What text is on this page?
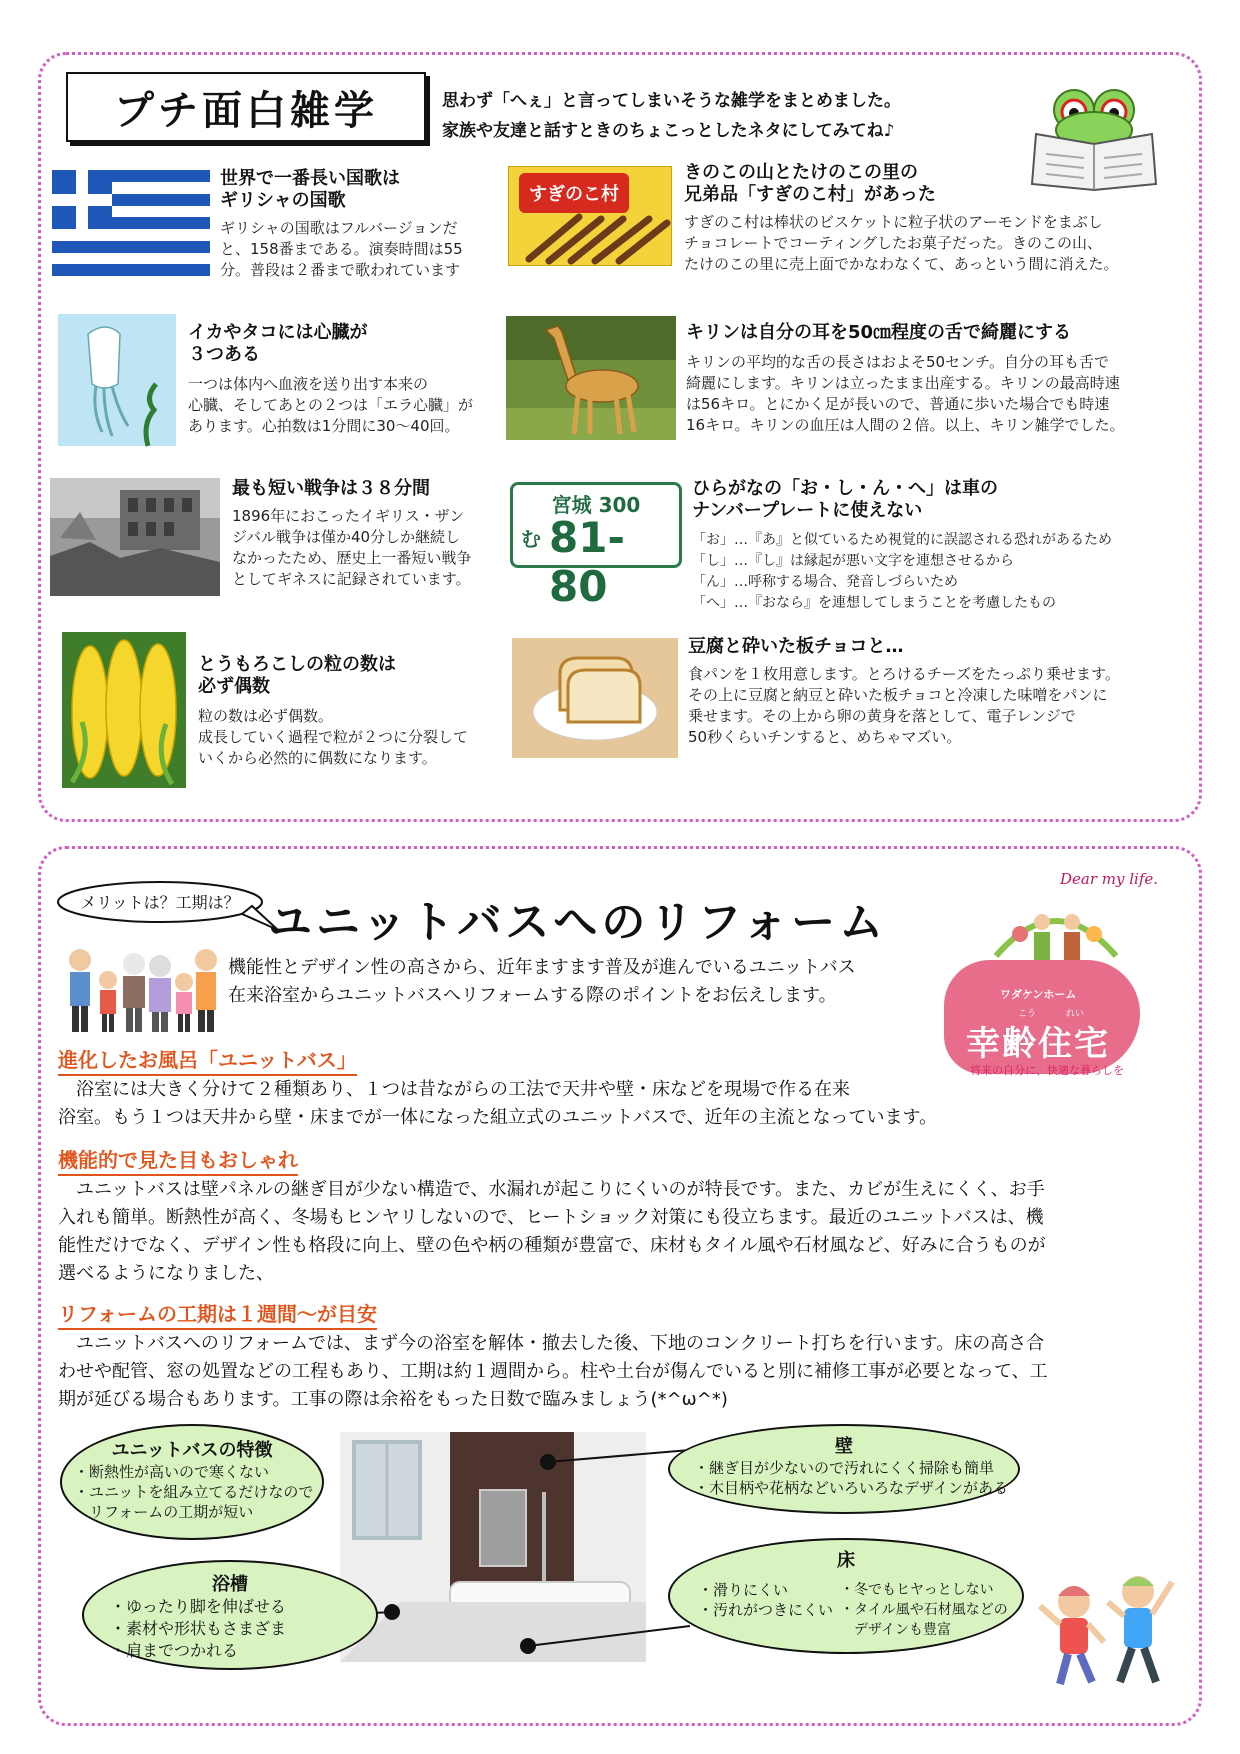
プチ面白雑学	思わず「へぇ」と言ってしまいそうな雑学をまとめました。
家族や友達と話すときのちょこっとしたネタにしてみてね♪
世界で一番長い国歌は
ギリシャの国歌
ギリシャの国歌はフルバージョンだ
と、158番まである。演奏時間は55
分。普段は２番まで歌われています
すぎのこ村
きのこの山とたけのこの里の
兄弟品「すぎのこ村」があった
すぎのこ村は棒状のビスケットに粒子状のアーモンドをまぶし
チョコレートでコーティングしたお菓子だった。きのこの山、
たけのこの里に売上面でかなわなくて、あっという間に消えた。
イカやタコには心臓が
３つある
一つは体内へ血液を送り出す本来の
心臓、そしてあとの２つは「エラ心臓」が
あります。心拍数は1分間に30～40回。
キリンは自分の耳を50㎝程度の舌で綺麗にする
キリンの平均的な舌の長さはおよそ50センチ。自分の耳も舌で
綺麗にします。キリンは立ったまま出産する。キリンの最高時速
は56キロ。とにかく足が長いので、普通に歩いた場合でも時速
16キロ。キリンの血圧は人間の２倍。以上、キリン雑学でした。
最も短い戦争は３８分間
1896年におこったイギリス・ザン
ジバル戦争は僅か40分しか継続し
なかったため、歴史上一番短い戦争
としてギネスに記録されています。
宮城 300
む 81-80
ひらがなの「お・し・ん・へ」は車の
ナンバープレートに使えない
「お」…『あ』と似ているため視覚的に誤認される恐れがあるため
「し」…『し』は縁起が悪い文字を連想させるから
「ん」…呼称する場合、発音しづらいため
「へ」…『おなら』を連想してしまうことを考慮したもの
とうもろこしの粒の数は
必ず偶数
粒の数は必ず偶数。
成長していく過程で粒が２つに分裂して
いくから必然的に偶数になります。
豆腐と砕いた板チョコと…
食パンを１枚用意します。とろけるチーズをたっぷり乗せます。
その上に豆腐と納豆と砕いた板チョコと冷凍した味噌をパンに
乗せます。その上から卵の黄身を落として、電子レンジで
50秒くらいチンすると、めちゃマズい。
メリットは？工期は？ ユニットバスへのリフォーム
機能性とデザイン性の高さから、近年ますます普及が進んでいるユニットバス
在来浴室からユニットバスへリフォームする際のポイントをお伝えします。
Dear my life.
ワダケンホーム
こう	れい
幸齢住宅
将来の自分に、快適な暮らしを
進化したお風呂「ユニットバス」
　浴室には大きく分けて２種類あり、１つは昔ながらの工法で天井や壁・床などを現場で作る在来
浴室。もう１つは天井から壁・床までが一体になった組立式のユニットバスで、近年の主流となっています。
機能的で見た目もおしゃれ
　ユニットバスは壁パネルの継ぎ目が少ない構造で、水漏れが起こりにくいのが特長です。また、カビが生えにくく、お手
入れも簡単。断熱性が高く、冬場もヒンヤリしないので、ヒートショック対策にも役立ちます。最近のユニットバスは、機
能性だけでなく、デザイン性も格段に向上、壁の色や柄の種類が豊富で、床材もタイル風や石材風など、好みに合うものが
選べるようになりました、
リフォームの工期は１週間～が目安
　ユニットバスへのリフォームでは、まず今の浴室を解体・撤去した後、下地のコンクリート打ちを行います。床の高さ合
わせや配管、窓の処置などの工程もあり、工期は約１週間から。柱や土台が傷んでいると別に補修工事が必要となって、工
期が延びる場合もあります。工事の際は余裕をもった日数で臨みましょう(*^ω^*)
ユニットバスの特徴
・断熱性が高いので寒くない
・ユニットを組み立てるだけなので
　リフォームの工期が短い
浴槽
・ゆったり脚を伸ばせる
・素材や形状もさまざま
・肩までつかれる
壁
・継ぎ目が少ないので汚れにくく掃除も簡単
・木目柄や花柄などいろいろなデザインがある
床
・滑りにくい
・汚れがつきにくい
・冬でもヒヤっとしない
・タイル風や石材風などの
　デザインも豊富
